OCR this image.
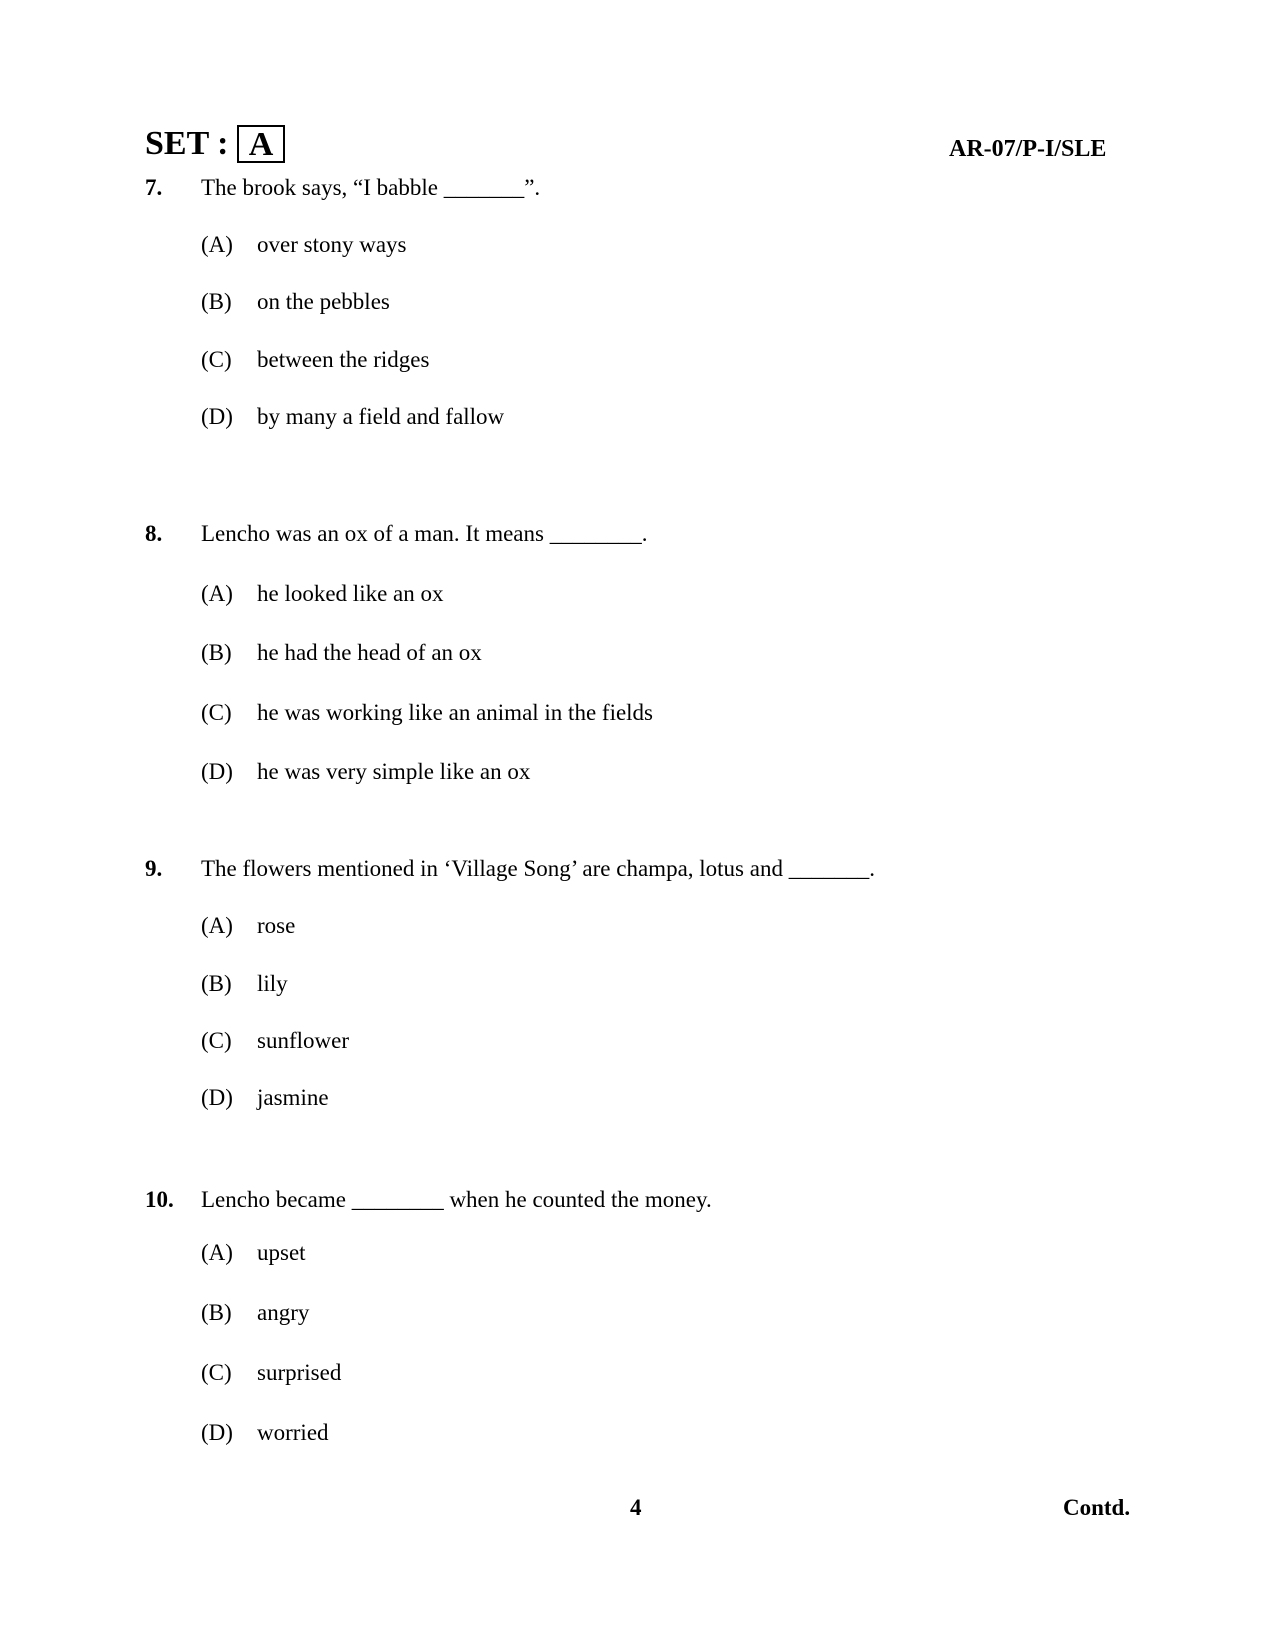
SET : A	AR-07/P-I/SLE
7. The brook says, “I babble _______”.
(A) over stony ways
(B) on the pebbles
(C) between the ridges
(D) by many a field and fallow
8. Lencho was an ox of a man. It means ________.
(A) he looked like an ox
(B) he had the head of an ox
(C) he was working like an animal in the fields
(D) he was very simple like an ox
9. The flowers mentioned in ‘Village Song’ are champa, lotus and _______.
(A) rose
(B) lily
(C) sunflower
(D) jasmine
10. Lencho became ________ when he counted the money.
(A) upset
(B) angry
(C) surprised
(D) worried
4	Contd.
